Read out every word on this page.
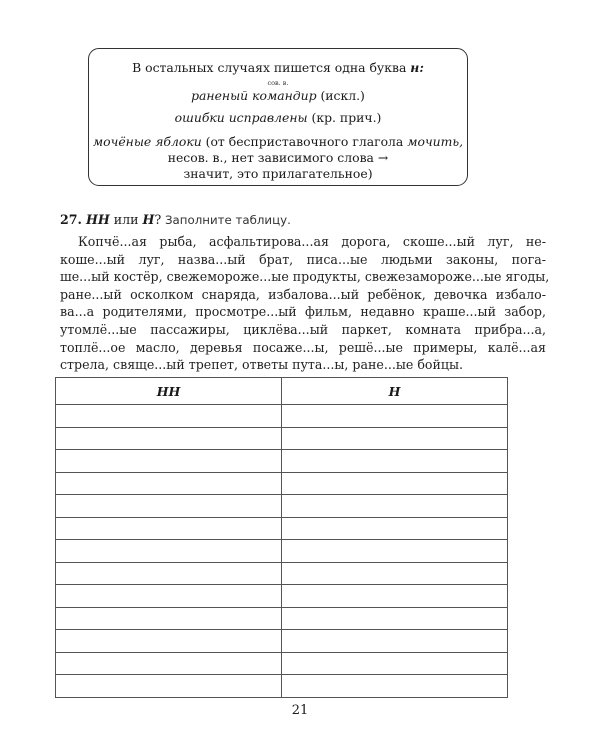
В остальных случаях пишется одна буква н:
сов. в.
раненый командир (искл.)
ошибки исправлены (кр. прич.)
мочёные яблоки (от бесприставочного глагола мочить,
несов. в., нет зависимого слова →
значит, это прилагательное)
27. НН или Н? Заполните таблицу.
Копчё...ая рыба, асфальтирова...ая дорога, скоше...ый луг, не-
коше...ый луг, назва...ый брат, писа...ые людьми законы, пога-
ше...ый костёр, свежеморoжe...ые продукты, свежезаморoжe...ые ягоды,
ране...ый осколком снаряда, избалова...ый ребёнок, девочка избало-
ва...а родителями, просмотре...ый фильм, недавно краше...ый забор,
утомлё...ые пассажиры, циклёва...ый паркет, комната прибра...а,
топлё...ое масло, деревья посаже...ы, решё...ые примеры, калё...ая
стрела, свяще...ый трепет, ответы пута...ы, ране...ые бойцы.
НН	Н

21
